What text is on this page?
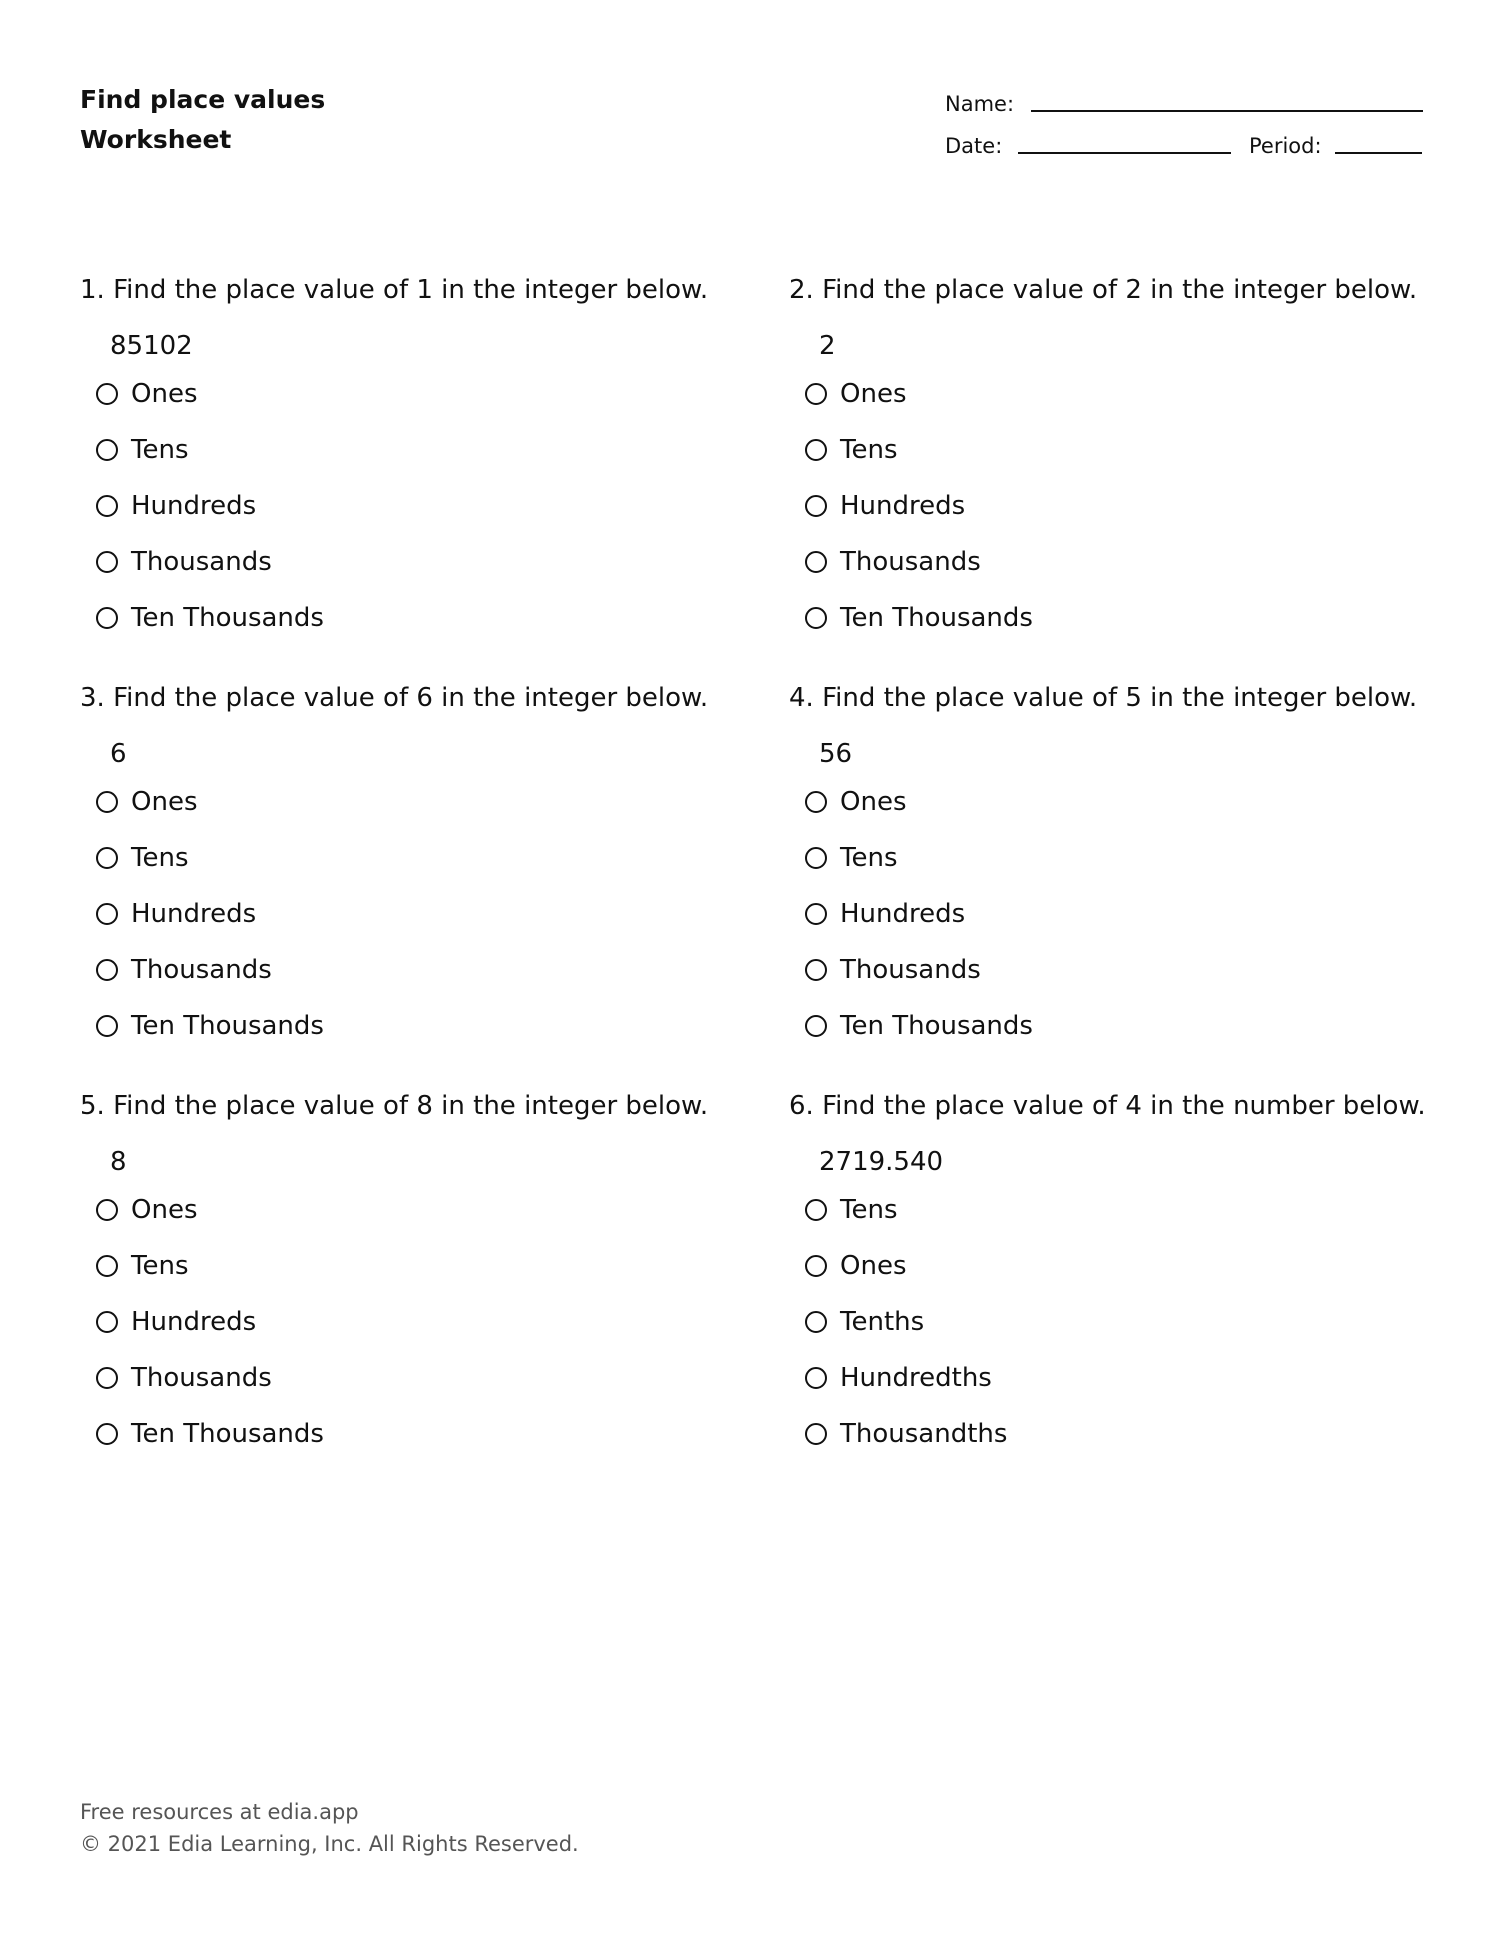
Find place values
Worksheet
Name:
Date:	Period:
1. Find the place value of 1 in the integer below.
85102
Ones
Tens
Hundreds
Thousands
Ten Thousands
2. Find the place value of 2 in the integer below.
2
Ones
Tens
Hundreds
Thousands
Ten Thousands
3. Find the place value of 6 in the integer below.
6
Ones
Tens
Hundreds
Thousands
Ten Thousands
4. Find the place value of 5 in the integer below.
56
Ones
Tens
Hundreds
Thousands
Ten Thousands
5. Find the place value of 8 in the integer below.
8
Ones
Tens
Hundreds
Thousands
Ten Thousands
6. Find the place value of 4 in the number below.
2719.540
Tens
Ones
Tenths
Hundredths
Thousandths
Free resources at edia.app
© 2021 Edia Learning, Inc. All Rights Reserved.
